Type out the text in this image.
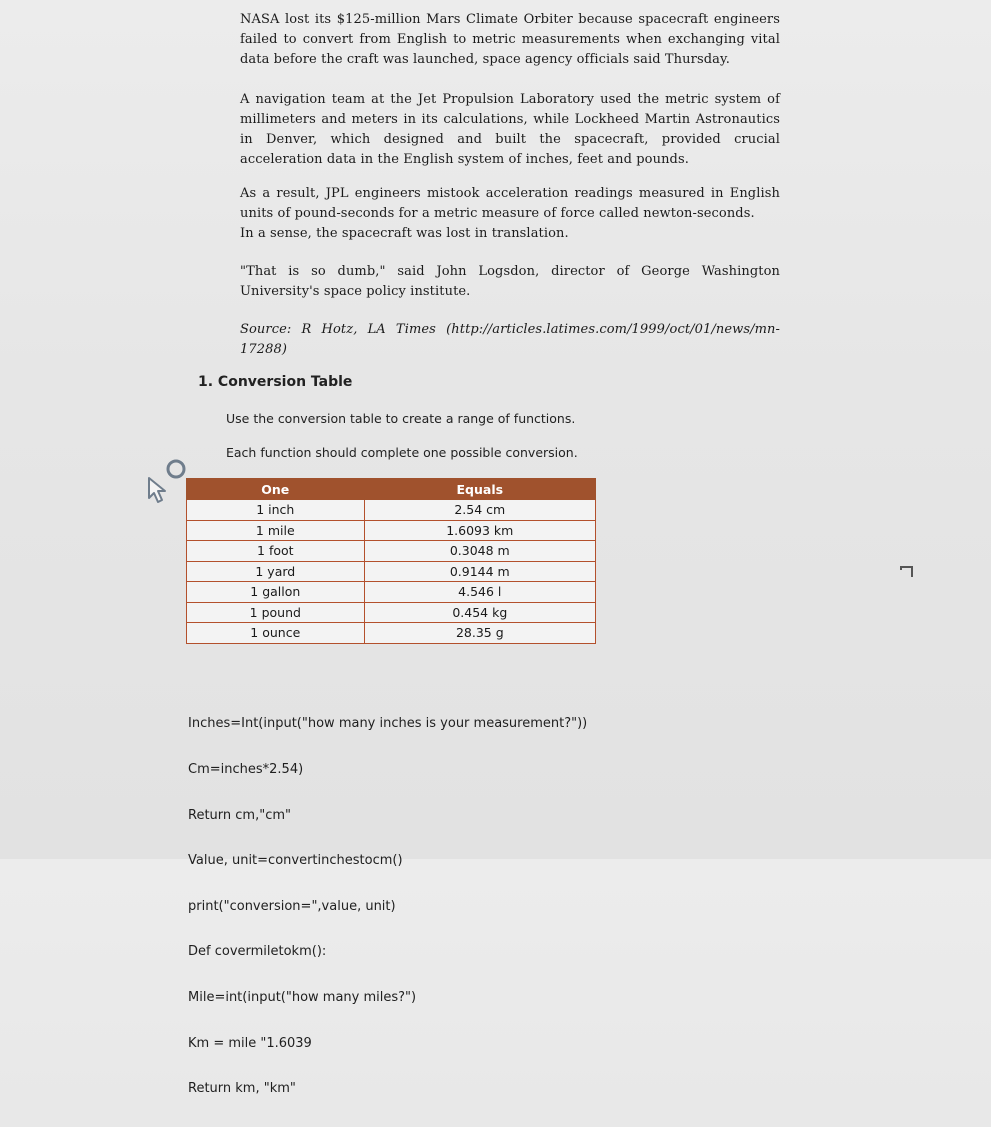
NASA lost its $125-million Mars Climate Orbiter because spacecraft engineers failed to convert from English to metric measurements when exchanging vital data before the craft was launched, space agency officials said Thursday.

A navigation team at the Jet Propulsion Laboratory used the metric system of millimeters and meters in its calculations, while Lockheed Martin Astronautics in Denver, which designed and built the spacecraft, provided crucial acceleration data in the English system of inches, feet and pounds.

As a result, JPL engineers mistook acceleration readings measured in English units of pound-seconds for a metric measure of force called newton-seconds.

In a sense, the spacecraft was lost in translation.

"That is so dumb," said John Logsdon, director of George Washington University's space policy institute.

Source: R Hotz, LA Times (http://articles.latimes.com/1999/oct/01/news/mn-17288)

1. Conversion Table
Use the conversion table to create a range of functions.
Each function should complete one possible conversion.
One	Equals
1 inch	2.54 cm
1 mile	1.6093 km
1 foot	0.3048 m
1 yard	0.9144 m
1 gallon	4.546 l
1 pound	0.454 kg
1 ounce	28.35 g

Inches=Int(input("how many inches is your measurement?"))

Cm=inches*2.54)

Return cm,"cm"

Value, unit=convertinchestocm()

print("conversion=",value, unit)

Def covermiletokm():

Mile=int(input("how many miles?")

Km = mile "1.6039

Return km, "km"
